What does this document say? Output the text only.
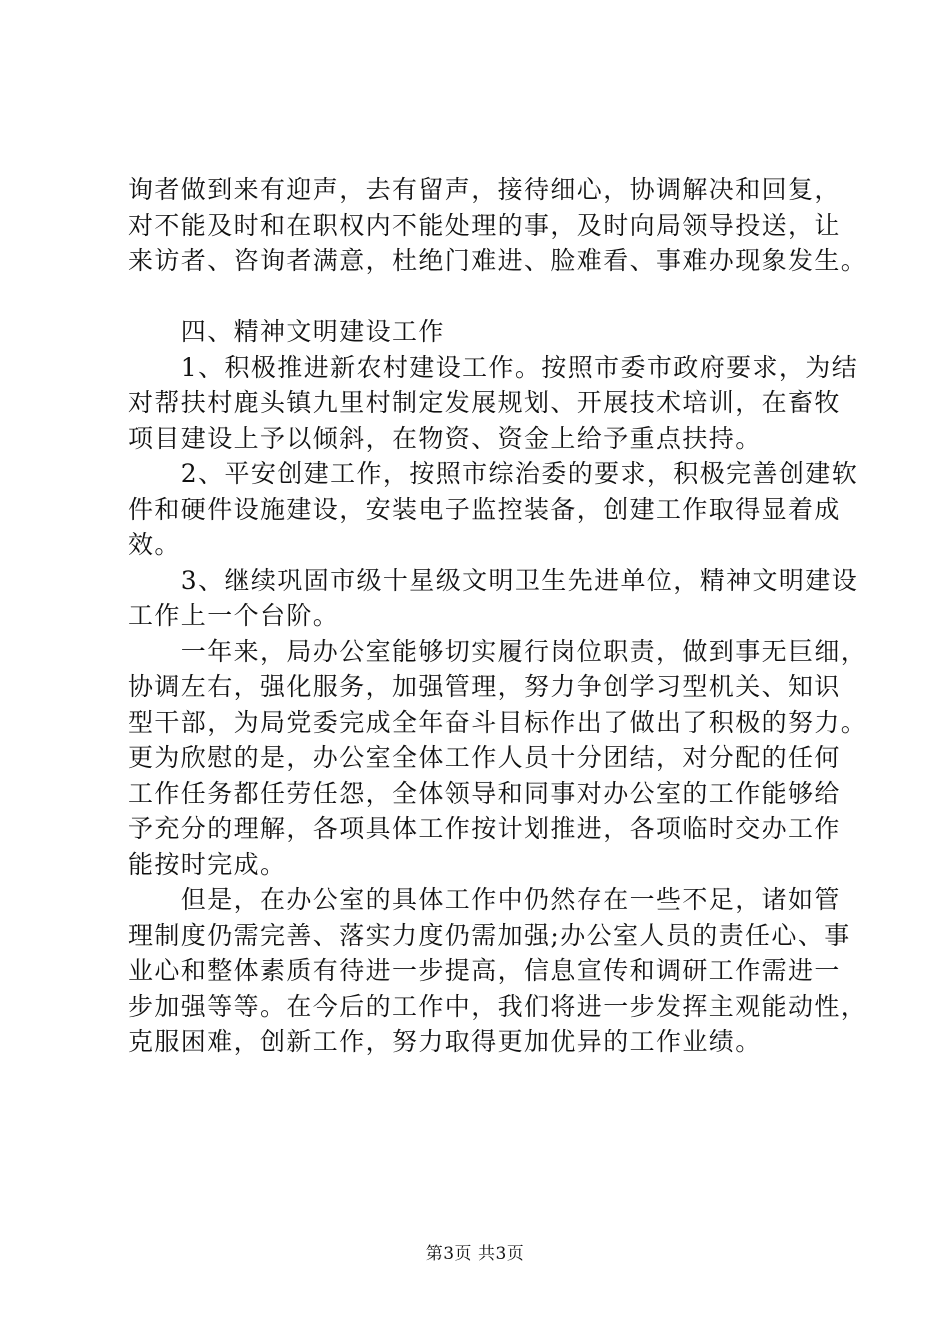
询者做到来有迎声，去有留声，接待细心，协调解决和回复，
对不能及时和在职权内不能处理的事，及时向局领导投送，让
来访者、咨询者满意，杜绝门难进、脸难看、事难办现象发生。
　　四、精神文明建设工作
　　1、积极推进新农村建设工作。按照市委市政府要求，为结
对帮扶村鹿头镇九里村制定发展规划、开展技术培训，在畜牧
项目建设上予以倾斜，在物资、资金上给予重点扶持。
　　2、平安创建工作，按照市综治委的要求，积极完善创建软
件和硬件设施建设，安装电子监控装备，创建工作取得显着成
效。
　　3、继续巩固市级十星级文明卫生先进单位，精神文明建设
工作上一个台阶。
　　一年来，局办公室能够切实履行岗位职责，做到事无巨细，
协调左右，强化服务，加强管理，努力争创学习型机关、知识
型干部，为局党委完成全年奋斗目标作出了做出了积极的努力。
更为欣慰的是，办公室全体工作人员十分团结，对分配的任何
工作任务都任劳任怨，全体领导和同事对办公室的工作能够给
予充分的理解，各项具体工作按计划推进，各项临时交办工作
能按时完成。
　　但是，在办公室的具体工作中仍然存在一些不足，诸如管
理制度仍需完善、落实力度仍需加强;办公室人员的责任心、事
业心和整体素质有待进一步提高，信息宣传和调研工作需进一
步加强等等。在今后的工作中，我们将进一步发挥主观能动性，
克服困难，创新工作，努力取得更加优异的工作业绩。
第3页 共3页
